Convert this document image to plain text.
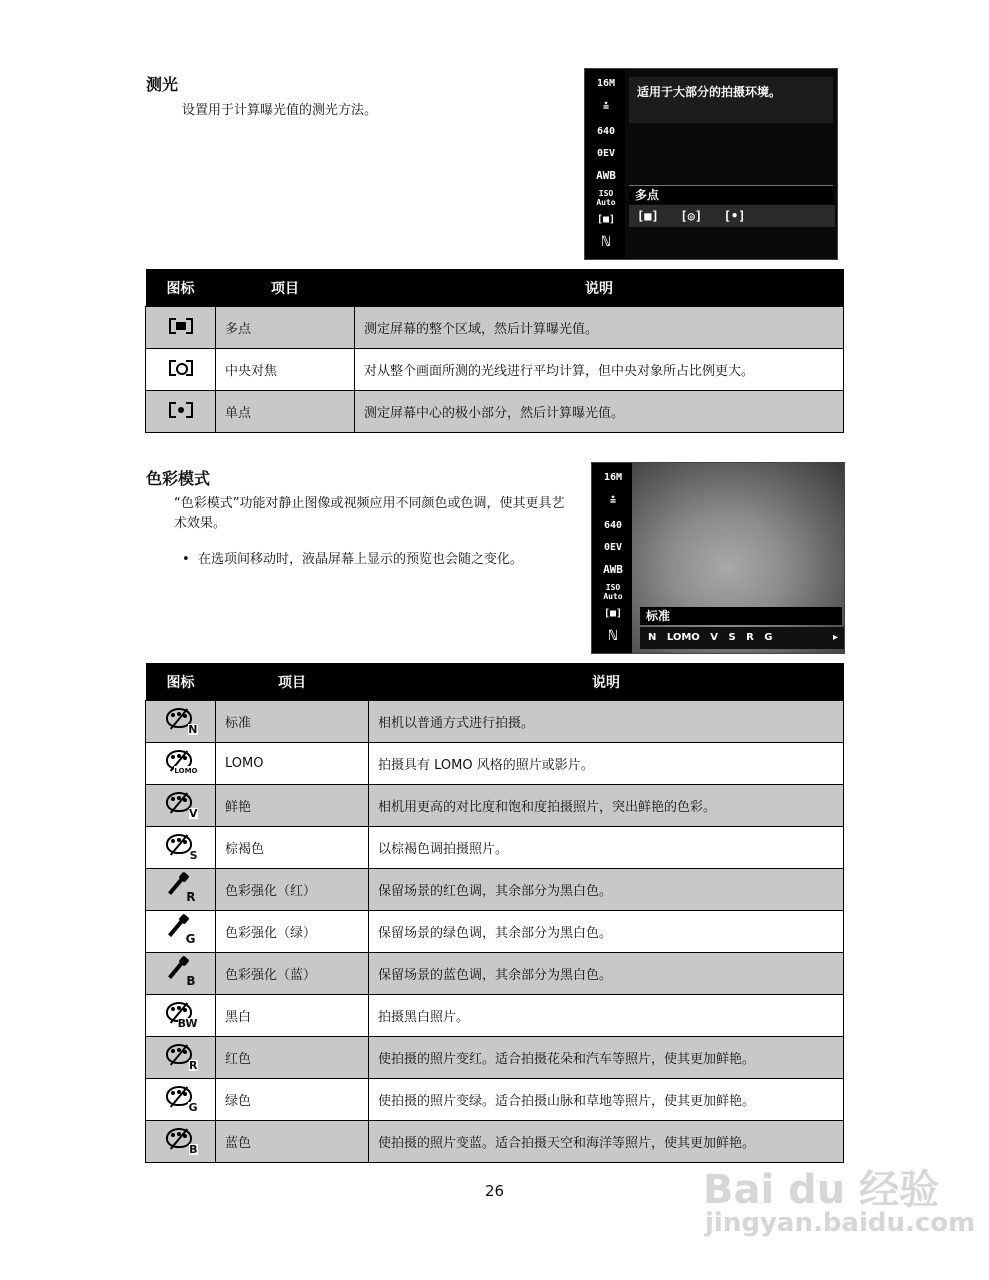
测光
设置用于计算曝光值的测光方法。
16M
≛
640
0EV
AWB
ISO Auto
[■]
ℕ
适用于大部分的拍摄环境。
多点
[■] [◎] [•]
图标	项目	说明

	多点	测定屏幕的整个区域，然后计算曝光值。

	中央对焦	对从整个画面所测的光线进行平均计算，但中央对象所占比例更大。

	单点	测定屏幕中心的极小部分，然后计算曝光值。
色彩模式
“色彩模式”功能对静止图像或视频应用不同颜色或色调，使其更具艺术效果。
• 在选项间移动时，液晶屏幕上显示的预览也会随之变化。
16M
≛
640
0EV
AWB
ISO Auto
[■]
ℕ
标准
N LOMO V S R G	▸
图标	项目	说明

N	标准	相机以普通方式进行拍摄。

LOMO	LOMO	拍摄具有 LOMO 风格的照片或影片。

V	鲜艳	相机用更高的对比度和饱和度拍摄照片，突出鲜艳的色彩。

S	棕褐色	以棕褐色调拍摄照片。

R	色彩强化（红）	保留场景的红色调，其余部分为黑白色。

G	色彩强化（绿）	保留场景的绿色调，其余部分为黑白色。

B	色彩强化（蓝）	保留场景的蓝色调，其余部分为黑白色。

BW	黑白	拍摄黑白照片。

R	红色	使拍摄的照片变红。适合拍摄花朵和汽车等照片，使其更加鲜艳。

G	绿色	使拍摄的照片变绿。适合拍摄山脉和草地等照片，使其更加鲜艳。

B	蓝色	使拍摄的照片变蓝。适合拍摄天空和海洋等照片，使其更加鲜艳。
26	Bai du 经验
jingyan.baidu.com
